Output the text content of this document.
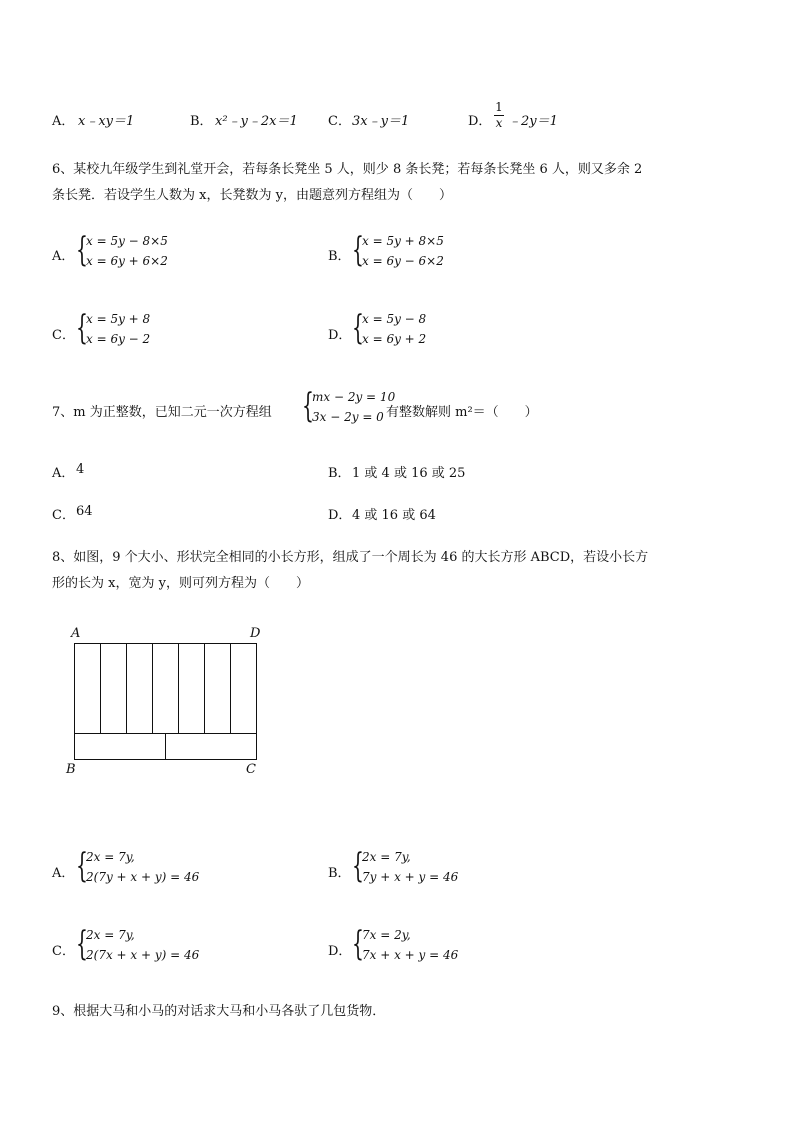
A． x﹣xy＝1	B． x²﹣y﹣2x＝1 C． 3x﹣y＝1	D． $\frac{1}{x}$ ﹣2y＝1
6、某校九年级学生到礼堂开会，若每条长凳坐 5 人，则少 8 条长凳；若每条长凳坐 6 人，则又多余 2
条长凳．若设学生人数为 x，长凳数为 y，由题意列方程组为（　　）
A． {
x = 5y − 8×5
x = 6y + 6×2	B． {
x = 5y + 8×5
x = 6y − 6×2
C． {
x = 5y + 8
x = 6y − 2	D． {
x = 5y − 8
x = 6y + 2
7、m 为正整数，已知二元一次方程组 {
mx − 2y = 10
3x − 2y = 0 有整数解则 m²＝（　　）
A． 4	B． 1 或 4 或 16 或 25
C． 64	D． 4 或 16 或 64
8、如图，9 个大小、形状完全相同的小长方形，组成了一个周长为 46 的大长方形 ABCD，若设小长方
形的长为 x，宽为 y，则可列方程为（　　）
A	D
B	C
A． {
2x = 7y,
2(7y + x + y) = 46	B． {
2x = 7y,
7y + x + y = 46
C． {
2x = 7y,
2(7x + x + y) = 46	D． {
7x = 2y,
7x + x + y = 46
9、根据大马和小马的对话求大马和小马各驮了几包货物．
